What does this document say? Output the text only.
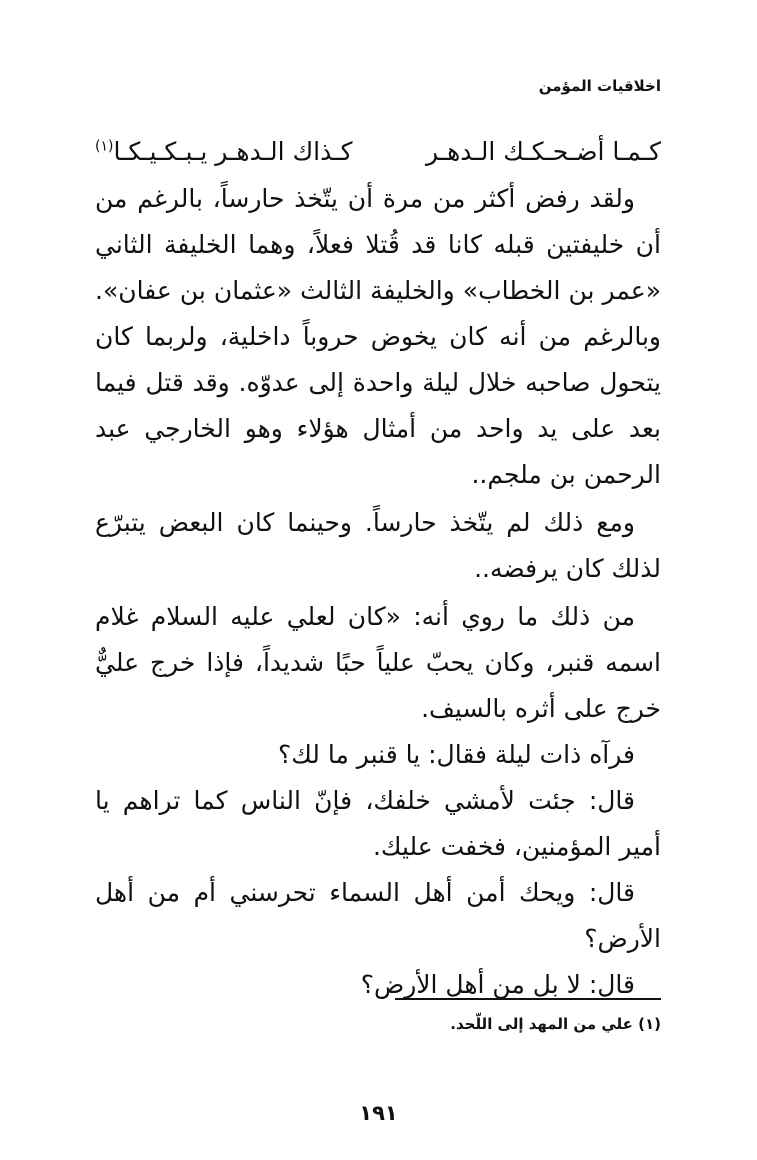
اخلاقيات المؤمن

كـمـا أضـحـكـك الـدهـر
كـذاك الـدهـر يـبـكـيـكـا$^{(١)}$

ولقد رفض أكثر من مرة أن يتّخذ حارساً، بالرغم من أن خليفتين قبله كانا قد قُتلا فعلاً، وهما الخليفة الثاني «عمر بن الخطاب» والخليفة الثالث «عثمان بن عفان». وبالرغم من أنه كان يخوض حروباً داخلية، ولربما كان يتحول صاحبه خلال ليلة واحدة إلى عدوّه. وقد قتل فيما بعد على يد واحد من أمثال هؤلاء وهو الخارجي عبد الرحمن بن ملجم..

ومع ذلك لم يتّخذ حارساً. وحينما كان البعض يتبرّع لذلك كان يرفضه..

من ذلك ما روي أنه: «كان لعلي عليه السلام غلام اسمه قنبر، وكان يحبّ علياً حبًا شديداً، فإذا خرج عليٌّ خرج على أثره بالسيف.

فرآه ذات ليلة فقال: يا قنبر ما لك؟

قال: جئت لأمشي خلفك، فإنّ الناس كما تراهم يا أمير المؤمنين، فخفت عليك.

قال: ويحك أمن أهل السماء تحرسني أم من أهل الأرض؟

قال: لا بل من أهل الأرض؟

(١) علي من المهد إلى اللّحد.

١٩١
